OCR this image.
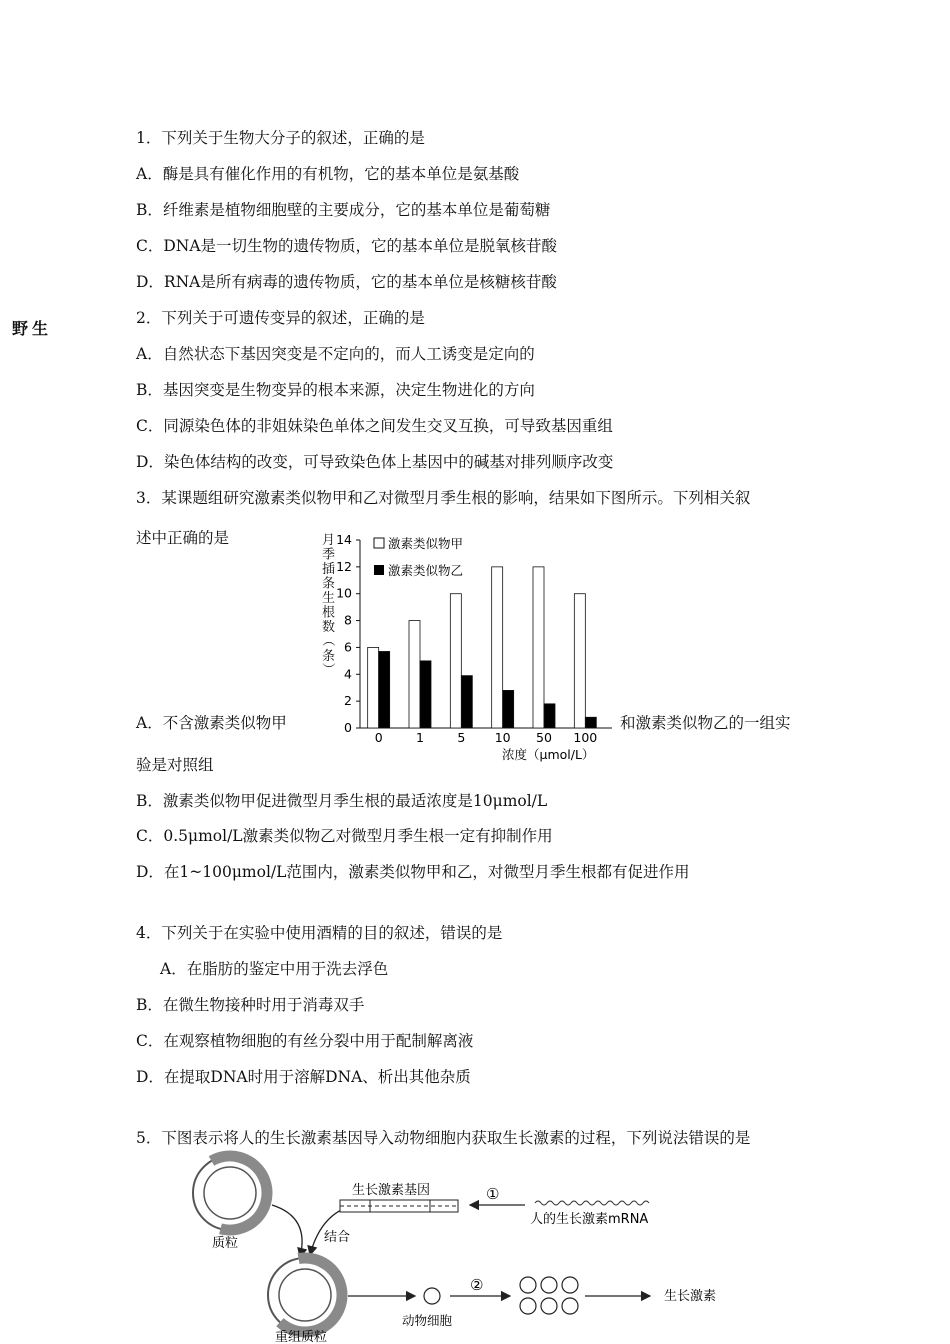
野生
1．下列关于生物大分子的叙述，正确的是
A．酶是具有催化作用的有机物，它的基本单位是氨基酸
B．纤维素是植物细胞壁的主要成分，它的基本单位是葡萄糖
C．DNA是一切生物的遗传物质，它的基本单位是脱氧核苷酸
D．RNA是所有病毒的遗传物质，它的基本单位是核糖核苷酸
2．下列关于可遗传变异的叙述，正确的是
A．自然状态下基因突变是不定向的，而人工诱变是定向的
B．基因突变是生物变异的根本来源，决定生物进化的方向
C．同源染色体的非姐妹染色单体之间发生交叉互换，可导致基因重组
D．染色体结构的改变，可导致染色体上基因中的碱基对排列顺序改变
3．某课题组研究激素类似物甲和乙对微型月季生根的影响，结果如下图所示。下列相关叙
述中正确的是
A．不含激素类似物甲	和激素类似物乙的一组实
验是对照组
B．激素类似物甲促进微型月季生根的最适浓度是10μmol/L
C．0.5μmol/L激素类似物乙对微型月季生根一定有抑制作用
D．在1~100μmol/L范围内，激素类似物甲和乙，对微型月季生根都有促进作用
4．下列关于在实验中使用酒精的目的叙述，错误的是
A．在脂肪的鉴定中用于洗去浮色
B．在微生物接种时用于消毒双手
C．在观察植物细胞的有丝分裂中用于配制解离液
D．在提取DNA时用于溶解DNA、析出其他杂质
5．下图表示将人的生长激素基因导入动物细胞内获取生长激素的过程，下列说法错误的是
月
季
插
条
生
根
数
（
条
）
0
2
4
6
8
10
12
14
0	1	5 10 50 100
激素类似物甲
激素类似物乙
浓度（μmol/L）
质粒	结合
生长激素基因	①
人的生长激素mRNA
重组质粒
动物细胞
②
生长激素
